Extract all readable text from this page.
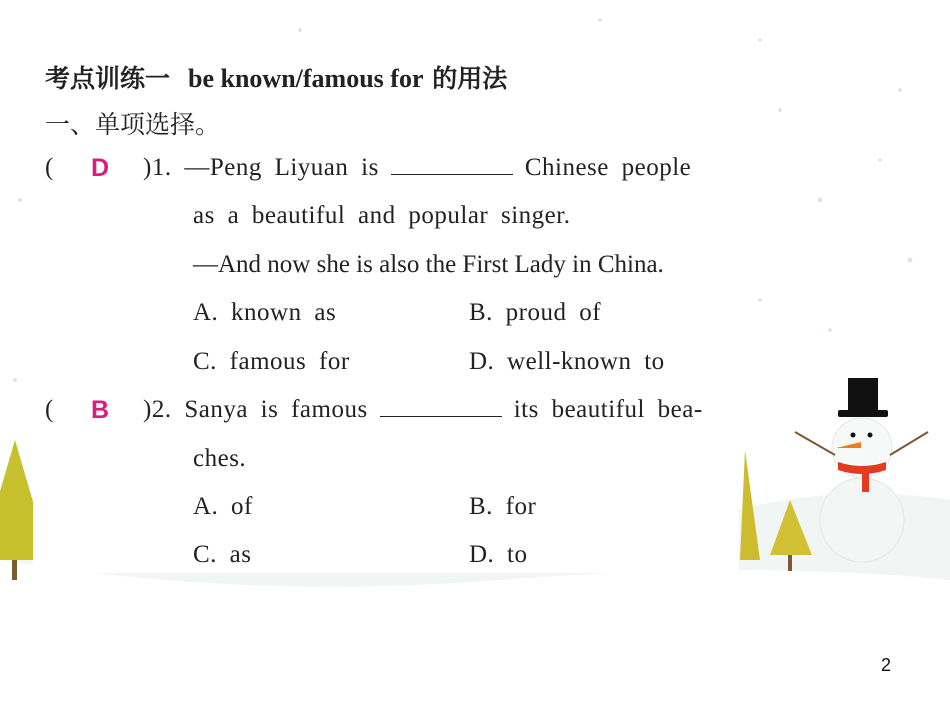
考点训练一 be known/famous for 的用法
一、单项选择。
( D )1. —Peng Liyuan is	Chinese people
as a beautiful and popular singer.
—And now she is also the First Lady in China.
A. known as	B. proud of
C. famous for	D. well-known to
( B )2. Sanya is famous	its beautiful bea-
ches.
A. of	B. for
C. as	D. to
2
